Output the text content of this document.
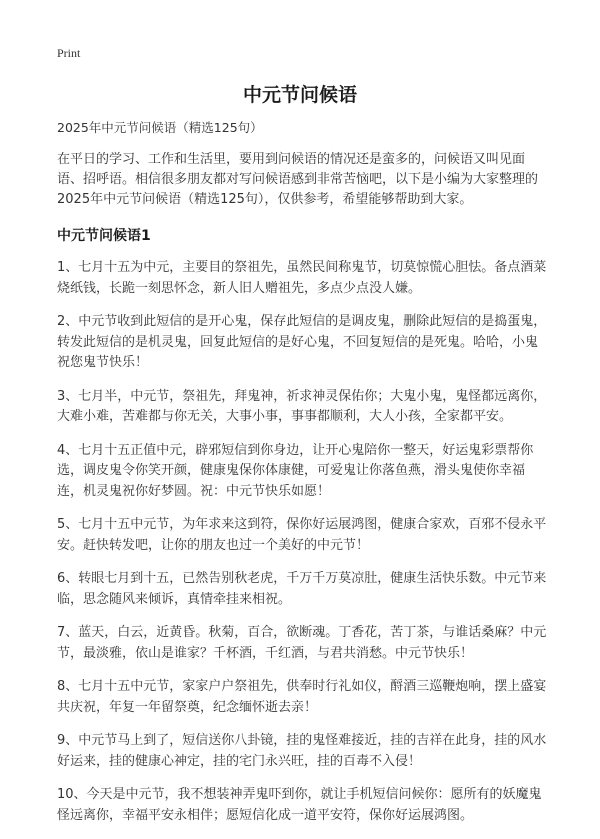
Print
中元节问候语

2025年中元节问候语（精选125句）

在平日的学习、工作和生活里，要用到问候语的情况还是蛮多的，问候语又叫见面语、招呼语。相信很多朋友都对写问候语感到非常苦恼吧，以下是小编为大家整理的2025年中元节问候语（精选125句），仅供参考，希望能够帮助到大家。

中元节问候语1

1、七月十五为中元，主要目的祭祖先，虽然民间称鬼节，切莫惊慌心胆怯。备点酒菜烧纸钱，长跪一刻思怀念，新人旧人赠祖先，多点少点没人嫌。

2、中元节收到此短信的是开心鬼，保存此短信的是调皮鬼，删除此短信的是捣蛋鬼，转发此短信的是机灵鬼，回复此短信的是好心鬼，不回复短信的是死鬼。哈哈，小鬼祝您鬼节快乐！

3、七月半，中元节，祭祖先，拜鬼神，祈求神灵保佑你；大鬼小鬼，鬼怪都远离你，大难小难，苦难都与你无关，大事小事，事事都顺利，大人小孩，全家都平安。

4、七月十五正值中元，辟邪短信到你身边，让开心鬼陪你一整天，好运鬼彩票帮你选，调皮鬼令你笑开颜，健康鬼保你体康健，可爱鬼让你落鱼燕，滑头鬼使你幸福连，机灵鬼祝你好梦圆。祝：中元节快乐如愿！

5、七月十五中元节，为年求来这到符，保你好运展鸿图，健康合家欢，百邪不侵永平安。赶快转发吧，让你的朋友也过一个美好的中元节！

6、转眼七月到十五，已然告别秋老虎，千万千万莫凉肚，健康生活快乐数。中元节来临，思念随风来倾诉，真情牵挂来相祝。

7、蓝天，白云，近黄昏。秋菊，百合，欲断魂。丁香花，苦丁茶，与谁话桑麻？中元节，最淡雅，依山是谁家？千杯酒，千红酒，与君共消愁。中元节快乐！

8、七月十五中元节，家家户户祭祖先，供奉时行礼如仪，酹酒三巡鞭炮响，摆上盛宴共庆祝，年复一年留祭奠，纪念缅怀逝去亲！

9、中元节马上到了，短信送你八卦镜，挂的鬼怪难接近，挂的吉祥在此身，挂的风水好运来，挂的健康心神定，挂的宅门永兴旺，挂的百毒不入侵！

10、今天是中元节，我不想装神弄鬼吓到你，就让手机短信问候你：愿所有的妖魔鬼怪远离你，幸福平安永相伴；愿短信化成一道平安符，保你好运展鸿图。
